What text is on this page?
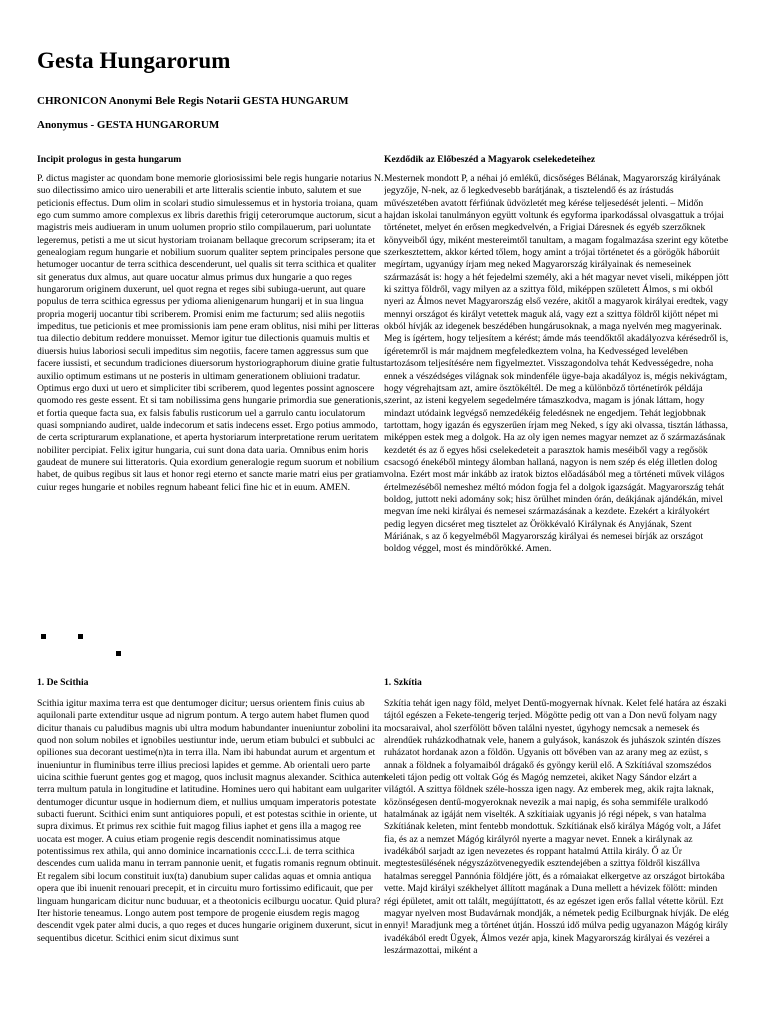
Gesta Hungarorum

CHRONICON Anonymi Bele Regis Notarii GESTA HUNGARUM

Anonymus - GESTA HUNGARORUM

Incipit prologus in gesta hungarum	Kezdődik az Előbeszéd a Magyarok cselekedeteihez

P. dictus magister ac quondam bone memorie gloriosissimi bele regis hungarie notarius N. suo dilectissimo amico uiro uenerabili et arte litteralis scientie inbuto, salutem et sue peticionis effectus. Dum olim in scolari studio simulessemus et in hystoria troiana, quam ego cum summo amore complexus ex libris darethis frigij ceterorumque auctorum, sicut a magistris meis audiueram in unum uolumen proprio stilo compilauerum, pari uoluntate legeremus, petisti a me ut sicut hystoriam troianam bellaque grecorum scripseram; ita et genealogiam regum hungarie et nobilium suorum qualiter septem principales persone que hetumoger uocantur de terra scithica descenderunt, uel qualis sit terra scithica et qualiter sit generatus dux almus, aut quare uocatur almus primus dux hungarie a quo reges hungarorum originem duxerunt, uel quot regna et reges sibi subiuga-uerunt, aut quare populus de terra scithica egressus per ydioma alienigenarum hungarij et in sua lingua propria mogerij uocantur tibi scriberem. Promisi enim me facturum; sed aliis negotiis impeditus, tue peticionis et mee promissionis iam pene eram oblitus, nisi mihi per litteras tua dilectio debitum reddere monuisset. Memor igitur tue dilectionis quamuis multis et diuersis huius laboriosi seculi impeditus sim negotiis, facere tamen aggressus sum que facere iussisti, et secundum tradiciones diuersorum hystoriographorum diuine gratie fultus auxilio optimum estimans ut ne posteris in ultimam generationem obliuioni tradatur. Optimus ergo duxi ut uero et simpliciter tibi scriberem, quod legentes possint agnoscere quomodo res geste essent. Et si tam nobilissima gens hungarie primordia sue generationis, et fortia queque facta sua, ex falsis fabulis rusticorum uel a garrulo cantu ioculatorum quasi sompniando audiret, ualde indecorum et satis indecens esset. Ergo potius ammodo, de certa scripturarum explanatione, et aperta hystoriarum interpretatione rerum ueritatem nobiliter percipiat. Felix igitur hungaria, cui sunt dona data uaria. Omnibus enim horis gaudeat de munere sui litteratoris. Quia exordium generalogie regum suorum et nobilium habet, de quibus regibus sit laus et honor regi eterno et sancte marie matri eius per gratiam cuiur reges hungarie et nobiles regnum habeant felici fine hic et in euum. AMEN.

Mesternek mondott P, a néhai jó emlékű, dicsőséges Bélának, Magyarország királyának jegyzője, N-nek, az ő legkedvesebb barátjának, a tisztelendő és az írástudás művészetében avatott férfiúnak üdvözletét meg kérése teljesedését jelenti. – Midőn hajdan iskolai tanulmányon együtt voltunk és egyforma iparkodással olvasgattuk a trójai történetet, melyet én erősen megkedvelvén, a Frigiai Dáresnek és egyéb szerzőknek könyveiből úgy, miként mestereimtől tanultam, a magam fogalmazása szerint egy kötetbe szerkesztettem, akkor kérted tőlem, hogy amint a trójai történetet és a görögök háborúit megírtam, ugyanúgy írjam meg neked Magyarország királyainak és nemeseinek származását is: hogy a hét fejedelmi személy, aki a hét magyar nevet viseli, miképpen jött ki szittya földről, vagy milyen az a szittya föld, miképpen született Álmos, s mi okból nyeri az Álmos nevet Magyarország első vezére, akitől a magyarok királyai eredtek, vagy mennyi országot és királyt vetettek maguk alá, vagy ezt a szittya földről kijött népet mi okból hívják az idegenek beszédében hungárusoknak, a maga nyelvén meg magyerinak. Meg is ígértem, hogy teljesítem a kérést; ámde más teendőktől akadályozva kérésedről is, ígéretemről is már majdnem megfeledkeztem volna, ha Kedvességed levelében tartozásom teljesítésére nem figyelmeztet. Visszagondolva tehát Kedvességedre, noha ennek a vészédséges világnak sok mindenféle ügye-baja akadályoz is, mégis nekivágtam, hogy végrehajtsam azt, amire ösztökéltél. De meg a különböző történetírók példája szerint, az isteni kegyelem segedelmére támaszkodva, magam is jónak láttam, hogy mindazt utódaink legvégső nemzedékéig feledésnek ne engedjem. Tehát legjobbnak tartottam, hogy igazán és egyszerűen írjam meg Neked, s így aki olvassa, tisztán láthassa, miképpen estek meg a dolgok. Ha az oly igen nemes magyar nemzet az ő származásának kezdetét és az ő egyes hősi cselekedeteit a parasztok hamis meséiből vagy a regősök csacsogó énekéből mintegy álomban hallaná, nagyon is nem szép és elég illetlen dolog volna. Ezért most már inkább az iratok biztos előadásából meg a történeti művek világos értelmezéséből nemeshez méltó módon fogja fel a dolgok igazságát. Magyarország tehát boldog, juttott neki adomány sok; hisz örülhet minden órán, deákjának ajándékán, mivel megvan íme neki királyai és nemesei származásának a kezdete. Ezekért a királyokért pedig legyen dicséret meg tisztelet az Örökkévaló Királynak és Anyjának, Szent Máriának, s az ő kegyelméből Magyarország királyai és nemesei bírják az országot boldog véggel, most és mindörökké. Amen.

1. De Scithia	1. Szkítia

Scithia igitur maxima terra est que dentumoger dicitur; uersus orientem finis cuius ab aquilonali parte extenditur usque ad nigrum pontum. A tergo autem habet flumen quod dicitur thanais cu paludibus magnis ubi ultra modum habundanter inueniuntur zobolini ita quod non solum nobiles et ignobiles uestiuntur inde, uerum etiam bubulci et subbulci ac opiliones sua decorant uestime(n)ta in terra illa. Nam ibi habundat aurum et argentum et inueniuntur in fluminibus terre illius preciosi lapides et gemme. Ab orientali uero parte uicina scithie fuerunt gentes gog et magog, quos inclusit magnus alexander. Scithica autem terra multum patula in longitudine et latitudine. Homines uero qui habitant eam uulgariter dentumoger dicuntur usque in hodiernum diem, et nullius umquam imperatoris potestate subacti fuerunt. Scithici enim sunt antiquiores populi, et est potestas scithie in oriente, ut supra diximus. Et primus rex scithie fuit magog filius iaphet et gens illa a magog ree uocata est moger. A cuius etiam progenie regis descendit nominatissimus atque potentissimus rex athila, qui anno dominice incarnationis cccc.L.i. de terra scithica descendes cum ualida manu in terram pannonie uenit, et fugatis romanis regnum obtinuit. Et regalem sibi locum constituit iux(ta) danubium super calidas aquas et omnia antiqua opera que ibi inuenit renouari precepit, et in circuitu muro fortissimo edificauit, que per linguam hungaricam dicitur nunc buduuar, et a theotonicis ecilburgu uocatur. Quid plura? Iter historie teneamus. Longo autem post tempore de progenie eiusdem regis magog descendit vgek pater almi ducis, a quo reges et duces hungarie originem duxerunt, sicut in sequentibus dicetur. Scithici enim sicut diximus sunt

Szkítia tehát igen nagy föld, melyet Dentű-mogyernak hívnak. Kelet felé határa az északi tájtól egészen a Fekete-tengerig terjed. Mögötte pedig ott van a Don nevű folyam nagy mocsaraival, ahol szerfölött bőven találni nyestet, úgyhogy nemcsak a nemesek és alrendűek ruházkodhatnak vele, hanem a gulyások, kanászok és juhászok szintén díszes ruházatot hordanak azon a földön. Ugyanis ott bővében van az arany meg az ezüst, s annak a földnek a folyamaiból drágakő és gyöngy kerül elő. A Szkítiával szomszédos keleti tájon pedig ott voltak Góg és Magóg nemzetei, akiket Nagy Sándor elzárt a világtól. A szittya földnek széle-hossza igen nagy. Az emberek meg, akik rajta laknak, közönségesen dentű-mogyeroknak nevezik a mai napig, és soha semmiféle uralkodó hatalmának az igáját nem viselték. A szkítiaiak ugyanis jó régi népek, s van hatalma Szkítiának keleten, mint fentebb mondottuk. Szkítiának első királya Mágóg volt, a Jáfet fia, és az a nemzet Mágóg királyról nyerte a magyar nevet. Ennek a királynak az ivadékából sarjadt az igen nevezetes és roppant hatalmú Attila király. Ő az Úr megtestesülésének négyszázötvenegyedik esztendejében a szittya földről kiszállva hatalmas sereggel Pannónia földjére jött, és a rómaiakat elkergetve az országot birtokába vette. Majd királyi székhelyet állított magának a Duna mellett a hévizek fölött: minden régi épületet, amit ott talált, megújíttatott, és az egészet igen erős fallal vétette körül. Ezt magyar nyelven most Budavárnak mondják, a németek pedig Ecilburgnak hívják. De elég ennyi! Maradjunk meg a történet útján. Hosszú idő múlva pedig ugyanazon Mágóg király ivadékából eredt Ügyek, Álmos vezér apja, kinek Magyarország királyai és vezérei a leszármazottai, miként a
